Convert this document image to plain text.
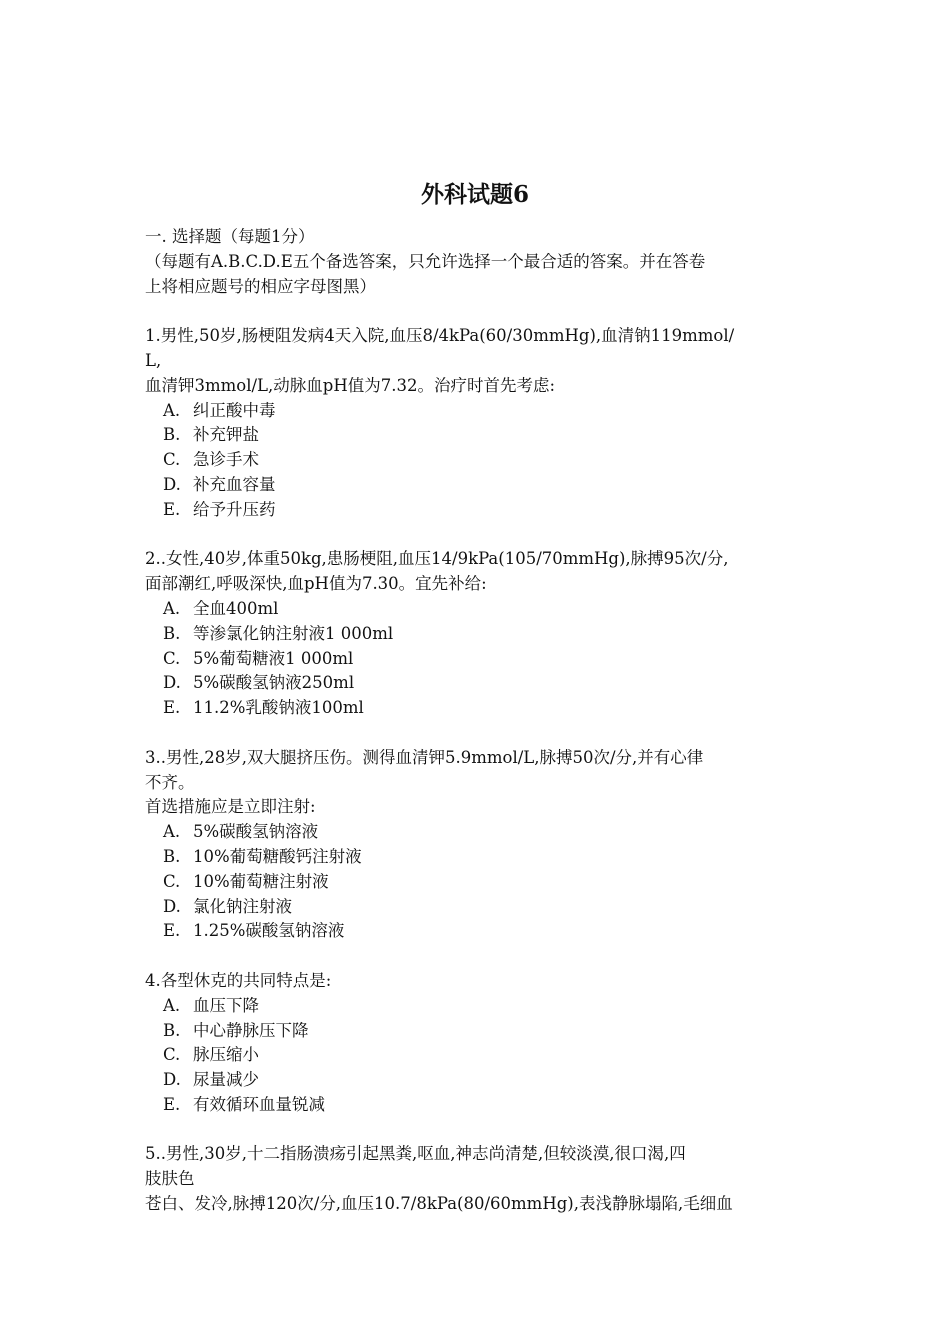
外科试题6
一. 选择题（每题1分）
（每题有A.B.C.D.E五个备选答案，只允许选择一个最合适的答案。并在答卷
上将相应题号的相应字母图黑）
1.男性,50岁,肠梗阻发病4天入院,血压8/4kPa(60/30mmHg),血清钠119mmol/
L,
血清钾3mmol/L,动脉血pH值为7.32。治疗时首先考虑:
A. 纠正酸中毒
B. 补充钾盐
C. 急诊手术
D. 补充血容量
E. 给予升压药
2..女性,40岁,体重50kg,患肠梗阻,血压14/9kPa(105/70mmHg),脉搏95次/分,
面部潮红,呼吸深快,血pH值为7.30。宜先补给:
A. 全血400ml
B. 等渗氯化钠注射液1 000ml
C. 5%葡萄糖液1 000ml
D. 5%碳酸氢钠液250ml
E. 11.2%乳酸钠液100ml
3..男性,28岁,双大腿挤压伤。测得血清钾5.9mmol/L,脉搏50次/分,并有心律
不齐。
首选措施应是立即注射:
A. 5%碳酸氢钠溶液
B. 10%葡萄糖酸钙注射液
C. 10%葡萄糖注射液
D. 氯化钠注射液
E. 1.25%碳酸氢钠溶液
4.各型休克的共同特点是:
A. 血压下降
B. 中心静脉压下降
C. 脉压缩小
D. 尿量减少
E. 有效循环血量锐减
5..男性,30岁,十二指肠溃疡引起黑粪,呕血,神志尚清楚,但较淡漠,很口渴,四
肢肤色
苍白、发冷,脉搏120次/分,血压10.7/8kPa(80/60mmHg),表浅静脉塌陷,毛细血
